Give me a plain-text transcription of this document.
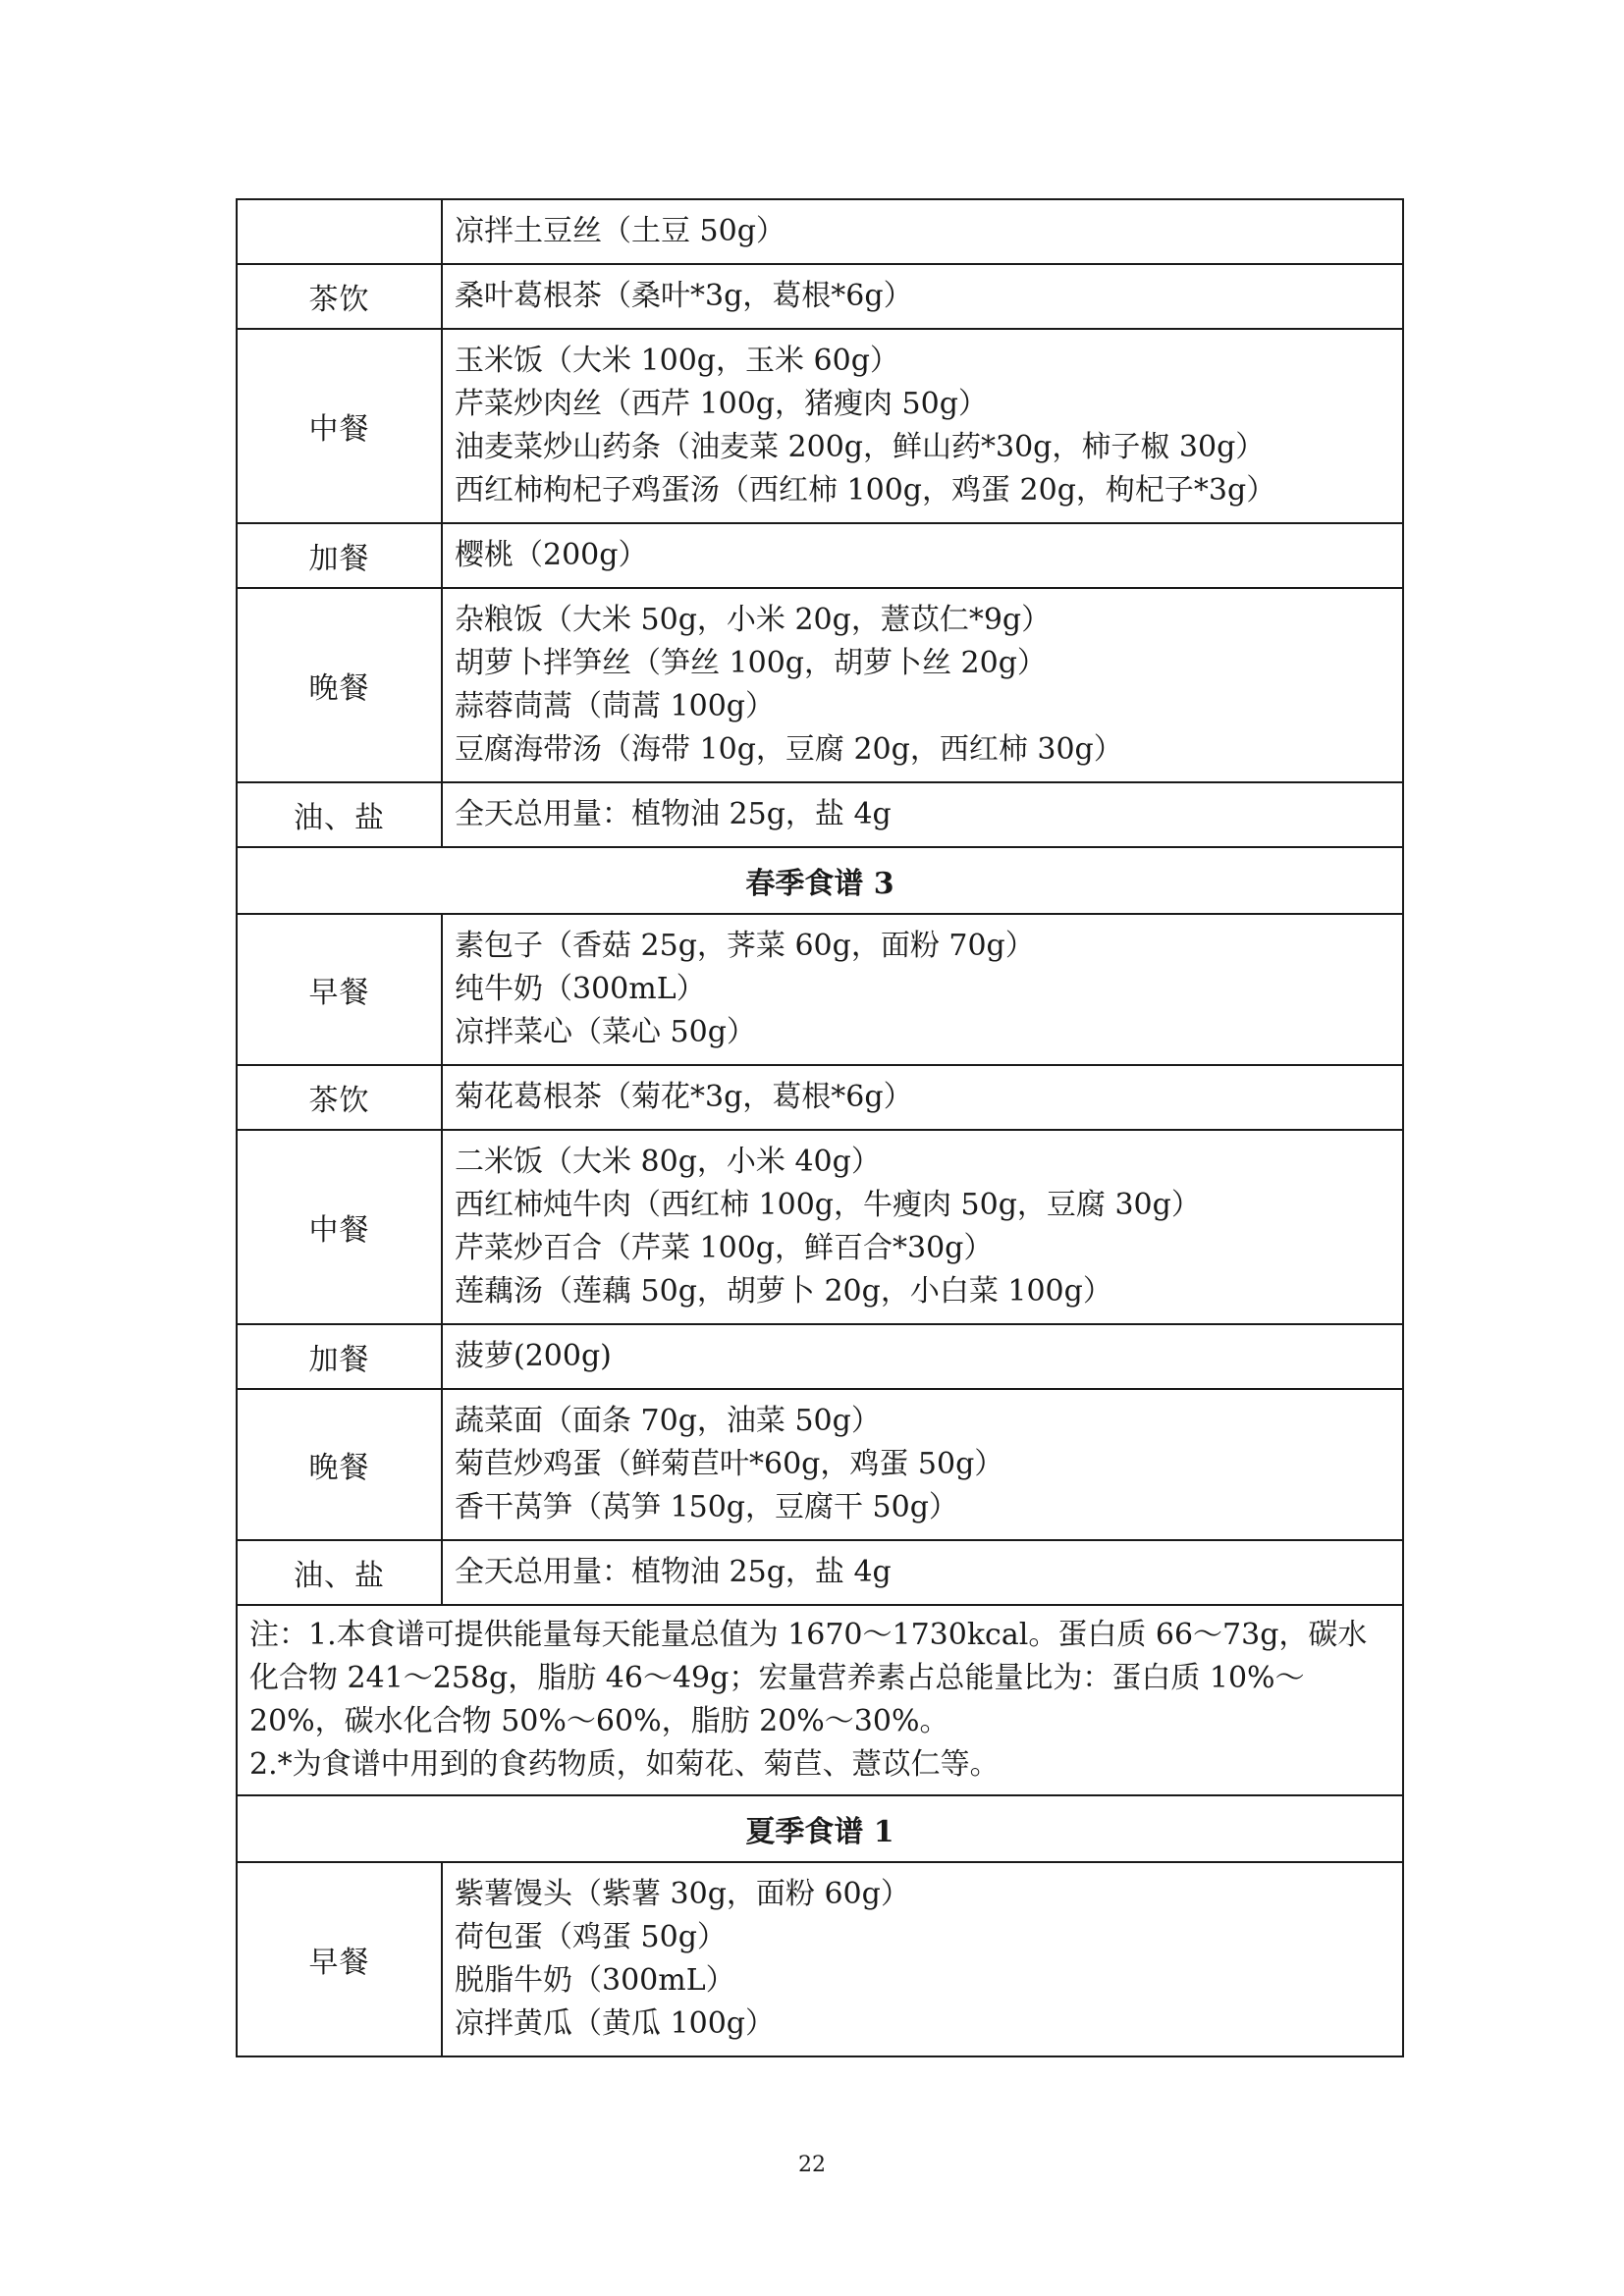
	凉拌土豆丝（土豆 50g）

茶饮	桑叶葛根茶（桑叶*3g，葛根*6g）

中餐	玉米饭（大米 100g，玉米 60g）
芹菜炒肉丝（西芹 100g，猪瘦肉 50g）
油麦菜炒山药条（油麦菜 200g，鲜山药*30g，柿子椒 30g）
西红柿枸杞子鸡蛋汤（西红柿 100g，鸡蛋 20g，枸杞子*3g）

加餐	樱桃（200g）

晚餐	杂粮饭（大米 50g，小米 20g，薏苡仁*9g）
胡萝卜拌笋丝（笋丝 100g，胡萝卜丝 20g）
蒜蓉茼蒿（茼蒿 100g）
豆腐海带汤（海带 10g，豆腐 20g，西红柿 30g）

油、盐	全天总用量：植物油 25g，盐 4g

春季食谱 3	
早餐	素包子（香菇 25g，荠菜 60g，面粉 70g）
纯牛奶（300mL）
凉拌菜心（菜心 50g）

茶饮	菊花葛根茶（菊花*3g，葛根*6g）

中餐	二米饭（大米 80g，小米 40g）
西红柿炖牛肉（西红柿 100g，牛瘦肉 50g，豆腐 30g）
芹菜炒百合（芹菜 100g，鲜百合*30g）
莲藕汤（莲藕 50g，胡萝卜 20g，小白菜 100g）

加餐	菠萝(200g)

晚餐	蔬菜面（面条 70g，油菜 50g）
菊苣炒鸡蛋（鲜菊苣叶*60g，鸡蛋 50g）
香干莴笋（莴笋 150g，豆腐干 50g）

油、盐	全天总用量：植物油 25g，盐 4g

注：1.本食谱可提供能量每天能量总值为 1670～1730kcal。蛋白质 66～73g，碳水化合物 241～258g，脂肪 46～49g；宏量营养素占总能量比为：蛋白质 10%～20%，碳水化合物 50%～60%，脂肪 20%～30%。
2.*为食谱中用到的食药物质，如菊花、菊苣、薏苡仁等。	

夏季食谱 1	
早餐	紫薯馒头（紫薯 30g，面粉 60g）
荷包蛋（鸡蛋 50g）
脱脂牛奶（300mL）
凉拌黄瓜（黄瓜 100g）
22
